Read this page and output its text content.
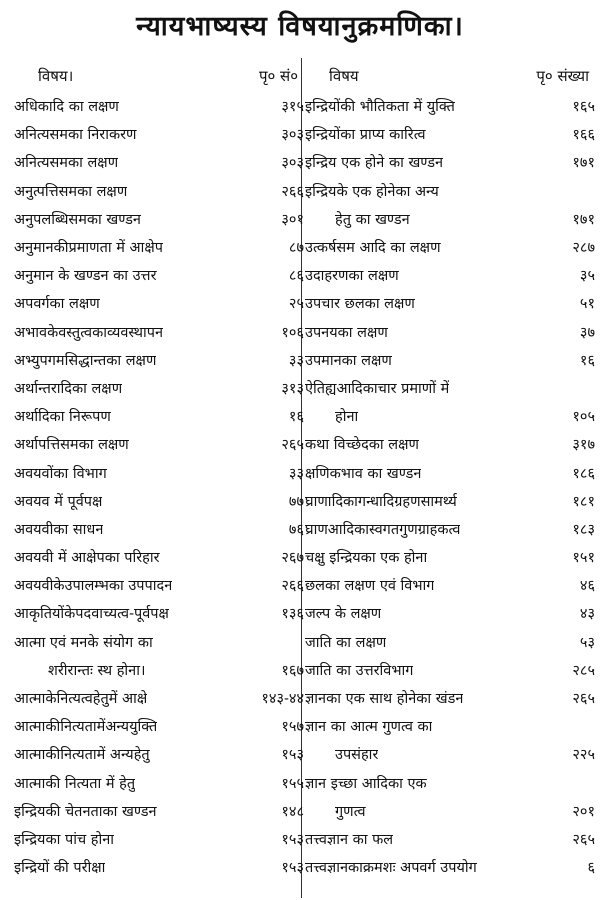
न्यायभाष्यस्य विषयानुक्रमणिका।
विषय।	पृ० सं०
अधिकादि का लक्षण	३१५
अनित्यसमका निराकरण	३०३
अनित्यसमका लक्षण	३०३
अनुत्पत्तिसमका लक्षण	२६६
अनुपलब्धिसमका खण्डन	३०१
अनुमानकीप्रमाणता में आक्षेप	८७
अनुमान के खण्डन का उत्तर	८६
अपवर्गका लक्षण	२५
अभावकेवस्तुत्वकाव्यवस्थापन	१०६
अभ्युपगमसिद्धान्तका लक्षण	३३
अर्थान्तरादिका लक्षण	३१३
अर्थादिका निरूपण	१६
अर्थापत्तिसमका लक्षण	२६५
अवयवोंका विभाग	३३
अवयव में पूर्वपक्ष	७७
अवयवीका साधन	७६
अवयवी में आक्षेपका परिहार	२६७
अवयवीकेउपालम्भका उपपादन	२६६
आकृतियोंकेपदवाच्यत्व-पूर्वपक्ष	१३६
आत्मा एवं मनके संयोग का
शरीरान्तः स्थ होना।	१६७
आत्माकेनित्यत्वहेतुमें आक्षे	१४३-४४
आत्माकीनित्यतामेंअन्ययुक्ति	१५७
आत्माकीनित्यतामें अन्यहेतु	१५३
आत्माकी नित्यता में हेतु	१५५
इन्द्रियकी चेतनताका खण्डन	१४८
इन्द्रियका पांच होना	१५३
इन्द्रियों की परीक्षा	१५३
विषय	पृ० संख्या
इन्द्रियोंकी भौतिकता में युक्ति	१६५
इन्द्रियोंका प्राप्य कारित्व	१६६
इन्द्रिय एक होने का खण्डन	१७१
इन्द्रियके एक होनेका अन्य
हेतु का खण्डन	१७१
उत्कर्षसम आदि का लक्षण	२८७
उदाहरणका लक्षण	३५
उपचार छलका लक्षण	५१
उपनयका लक्षण	३७
उपमानका लक्षण	१६
ऐतिह्यआदिकाचार प्रमाणों में
होना	१०५
कथा विच्छेदका लक्षण	३१७
क्षणिकभाव का खण्डन	१८६
घ्राणादिकागन्धादिग्रहणसामर्थ्य	१८१
घ्राणआदिकास्वगतगुणग्राहकत्व	१८३
चक्षु इन्द्रियका एक होना	१५१
छलका लक्षण एवं विभाग	४६
जल्प के लक्षण	४३
जाति का लक्षण	५३
जाति का उत्तरविभाग	२८५
ज्ञानका एक साथ होनेका खंडन	२६५
ज्ञान का आत्म गुणत्व का
उपसंहार	२२५
ज्ञान इच्छा आदिका एक
गुणत्व	२०१
तत्त्वज्ञान का फल	२६५
तत्त्वज्ञानकाक्रमशः अपवर्ग उपयोग	६
